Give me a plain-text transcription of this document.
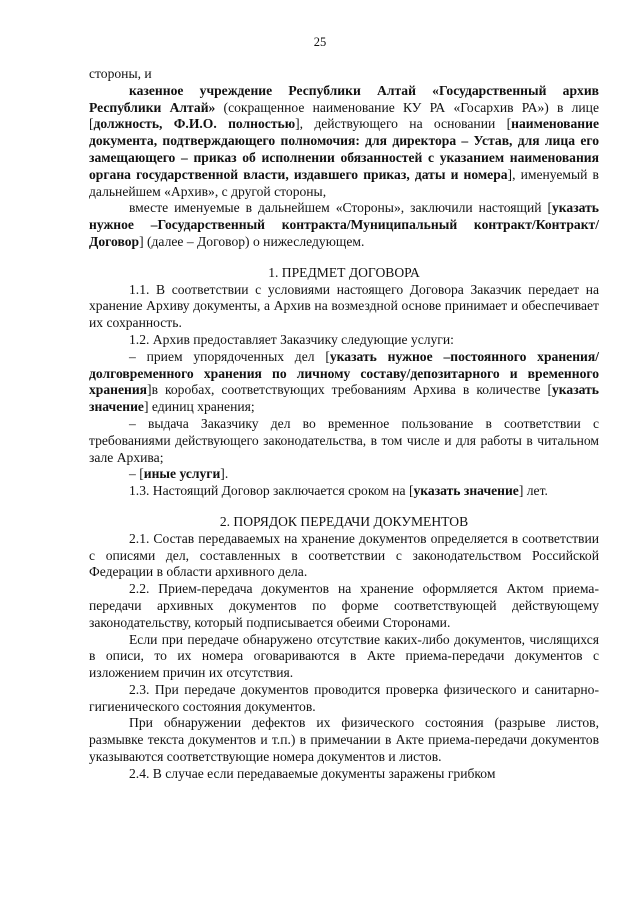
25

стороны, и

казенное учреждение Республики Алтай «Государственный архив Республики Алтай» (сокращенное наименование КУ РА «Госархив РА») в лице [должность, Ф.И.О. полностью], действующего на основании [наименование документа, подтверждающего полномочия: для директора – Устав, для лица его замещающего – приказ об исполнении обязанностей с указанием наименования органа государственной власти, издавшего приказ, даты и номера], именуемый в дальнейшем «Архив», с другой стороны,

вместе именуемые в дальнейшем «Стороны», заключили настоящий [указать нужное –Государственный контракта/Муниципальный контракт/Контракт/Договор] (далее – Договор) о нижеследующем.

1. ПРЕДМЕТ ДОГОВОРА

1.1. В соответствии с условиями настоящего Договора Заказчик передает на хранение Архиву документы, а Архив на возмездной основе принимает и обеспечивает их сохранность.

1.2. Архив предоставляет Заказчику следующие услуги:

– прием упорядоченных дел [указать нужное –постоянного хранения/долговременного хранения по личному составу/депозитарного и временного хранения]в коробах, соответствующих требованиям Архива в количестве [указать значение] единиц хранения;

– выдача Заказчику дел во временное пользование в соответствии с требованиями действующего законодательства, в том числе и для работы в читальном зале Архива;

– [иные услуги].

1.3. Настоящий Договор заключается сроком на [указать значение] лет.

2. ПОРЯДОК ПЕРЕДАЧИ ДОКУМЕНТОВ

2.1. Состав передаваемых на хранение документов определяется в соответствии с описями дел, составленных в соответствии с законодательством Российской Федерации в области архивного дела.

2.2. Прием-передача документов на хранение оформляется Актом приема-передачи архивных документов по форме соответствующей действующему законодательству, который подписывается обеими Сторонами.

Если при передаче обнаружено отсутствие каких-либо документов, числящихся в описи, то их номера оговариваются в Акте приема-передачи документов с изложением причин их отсутствия.

2.3. При передаче документов проводится проверка физического и санитарно-гигиенического состояния документов.

При обнаружении дефектов их физического состояния (разрыве листов, размывке текста документов и т.п.) в примечании в Акте приема-передачи документов указываются соответствующие номера документов и листов.

2.4. В случае если передаваемые документы заражены грибком
